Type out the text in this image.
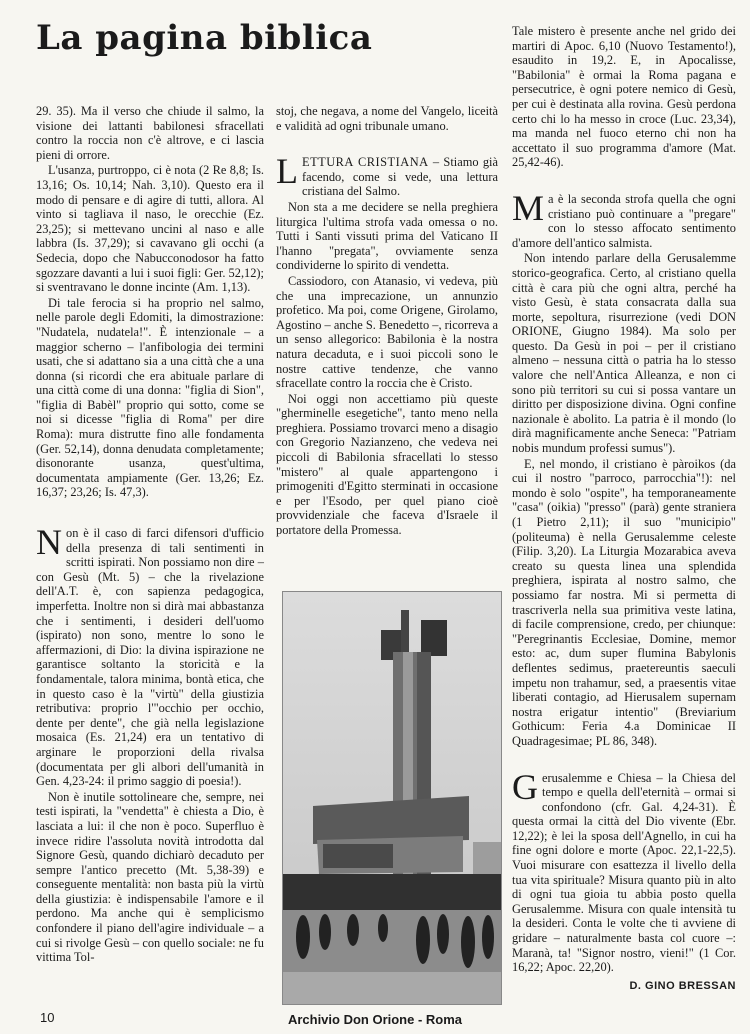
La pagina biblica

29. 35). Ma il verso che chiude il salmo, la visione dei lattanti babilonesi sfracellati contro la roccia non c'è altrove, e ci lascia pieni di orrore.

L'usanza, purtroppo, ci è nota (2 Re 8,8; Is. 13,16; Os. 10,14; Nah. 3,10). Questo era il modo di pensare e di agire di tutti, allora. Al vinto si tagliava il naso, le orecchie (Ez. 23,25); si mettevano uncini al naso e alle labbra (Is. 37,29); si cavavano gli occhi (a Sedecia, dopo che Nabucconodosor ha fatto sgozzare davanti a lui i suoi figli: Ger. 52,12); si sventravano le donne incinte (Am. 1,13).

Di tale ferocia si ha proprio nel salmo, nelle parole degli Edomiti, la dimostrazione: "Nudatela, nudatela!". È intenzionale – a maggior scherno – l'anfibologia dei termini usati, che si adattano sia a una città che a una donna (si ricordi che era abituale parlare di una città come di una donna: "figlia di Sion", "figlia di Babèl" proprio qui sotto, come se noi si dicesse "figlia di Roma" per dire Roma): mura distrutte fino alle fondamenta (Ger. 52,14), donna denudata completamente; disonorante usanza, quest'ultima, documentata ampiamente (Ger. 13,26; Ez. 16,37; 23,26; Is. 47,3).

Non è il caso di farci difensori d'ufficio della presenza di tali sentimenti in scritti ispirati. Non possiamo non dire – con Gesù (Mt. 5) – che la rivelazione dell'A.T. è, con sapienza pedagogica, imperfetta. Inoltre non si dirà mai abbastanza che i sentimenti, i desideri dell'uomo (ispirato) non sono, mentre lo sono le affermazioni, di Dio: la divina ispirazione ne garantisce soltanto la storicità e la fondamentale, talora minima, bontà etica, che in questo caso è la "virtù" della giustizia retributiva: proprio l'"occhio per occhio, dente per dente", che già nella legislazione mosaica (Es. 21,24) era un tentativo di arginare le proporzioni della rivalsa (documentata per gli albori dell'umanità in Gen. 4,23-24: il primo saggio di poesia!).

Non è inutile sottolineare che, sempre, nei testi ispirati, la "vendetta" è chiesta a Dio, è lasciata a lui: il che non è poco. Superfluo è invece ridire l'assoluta novità introdotta dal Signore Gesù, quando dichiarò decaduto per sempre l'antico precetto (Mt. 5,38-39) e conseguente mentalità: non basta più la virtù della giustizia: è indispensabile l'amore e il perdono. Ma anche qui è semplicismo confondere il piano dell'agire individuale – a cui si rivolge Gesù – con quello sociale: ne fu vittima Tol-

stoj, che negava, a nome del Vangelo, liceità e validità ad ogni tribunale umano.

LETTURA CRISTIANA – Stiamo già facendo, come si vede, una lettura cristiana del Salmo.

Non sta a me decidere se nella preghiera liturgica l'ultima strofa vada omessa o no. Tutti i Santi vissuti prima del Vaticano II l'hanno "pregata", ovviamente senza condividerne lo spirito di vendetta.

Cassiodoro, con Atanasio, vi vedeva, più che una imprecazione, un annunzio profetico. Ma poi, come Origene, Girolamo, Agostino – anche S. Benedetto –, ricorreva a un senso allegorico: Babilonia è la nostra natura decaduta, e i suoi piccoli sono le nostre cattive tendenze, che vanno sfracellate contro la roccia che è Cristo.

Noi oggi non accettiamo più queste "gherminelle esegetiche", tanto meno nella preghiera. Possiamo trovarci meno a disagio con Gregorio Nazianzeno, che vedeva nei piccoli di Babilonia sfracellati lo stesso "mistero" al quale appartengono i primogeniti d'Egitto sterminati in occasione e per l'Esodo, per quel piano cioè provvidenziale che faceva d'Israele il portatore della Promessa.

Tale mistero è presente anche nel grido dei martiri di Apoc. 6,10 (Nuovo Testamento!), esaudito in 19,2. E, in Apocalisse, "Babilonia" è ormai la Roma pagana e persecutrice, è ogni potere nemico di Gesù, per cui è destinata alla rovina. Gesù perdona certo chi lo ha messo in croce (Luc. 23,34), ma manda nel fuoco eterno chi non ha accettato il suo programma d'amore (Mat. 25,42-46).

Ma è la seconda strofa quella che ogni cristiano può continuare a "pregare" con lo stesso affocato sentimento d'amore dell'antico salmista.

Non intendo parlare della Gerusalemme storico-geografica. Certo, al cristiano quella città è cara più che ogni altra, perché ha visto Gesù, è stata consacrata dalla sua morte, sepoltura, risurrezione (vedi DON ORIONE, Giugno 1984). Ma solo per questo. Da Gesù in poi – per il cristiano almeno – nessuna città o patria ha lo stesso valore che nell'Antica Alleanza, e non ci sono più territori su cui si possa vantare un diritto per disposizione divina. Ogni confine nazionale è abolito. La patria è il mondo (lo dirà magnificamente anche Seneca: "Patriam nobis mundum professi sumus").

E, nel mondo, il cristiano è pàroikos (da cui il nostro "parroco, parrocchia"!): nel mondo è solo "ospite", ha temporaneamente "casa" (oikia) "presso" (parà) gente straniera (1 Pietro 2,11); il suo "municipio" (politeuma) è nella Gerusalemme celeste (Filip. 3,20). La Liturgia Mozarabica aveva creato su questa linea una splendida preghiera, ispirata al nostro salmo, che possiamo far nostra. Mi si permetta di trascriverla nella sua primitiva veste latina, di facile comprensione, credo, per chiunque: "Peregrinantis Ecclesiae, Domine, memor esto: ac, dum super flumina Babylonis deflentes sedimus, praetereuntis saeculi impetu non trahamur, sed, a praesentis vitae liberati contagio, ad Hierusalem supernam nostra erigatur intentio" (Breviarium Gothicum: Feria 4.a Dominicae II Quadragesimae; PL 86, 348).

Gerusalemme e Chiesa – la Chiesa del tempo e quella dell'eternità – ormai si confondono (cfr. Gal. 4,24-31). È questa ormai la città del Dio vivente (Ebr. 12,22); è lei la sposa dell'Agnello, in cui ha fine ogni dolore e morte (Apoc. 22,1-22,5). Vuoi misurare con esattezza il livello della tua vita spirituale? Misura quanto più in alto di ogni tua gioia tu abbia posto quella Gerusalemme. Misura con quale intensità tu la desideri. Conta le volte che ti avviene di gridare – naturalmente basta col cuore –: Maranà, ta! "Signor nostro, vieni!" (1 Cor. 16,22; Apoc. 22,20).

D. GINO BRESSAN
10	Archivio Don Orione - Roma
